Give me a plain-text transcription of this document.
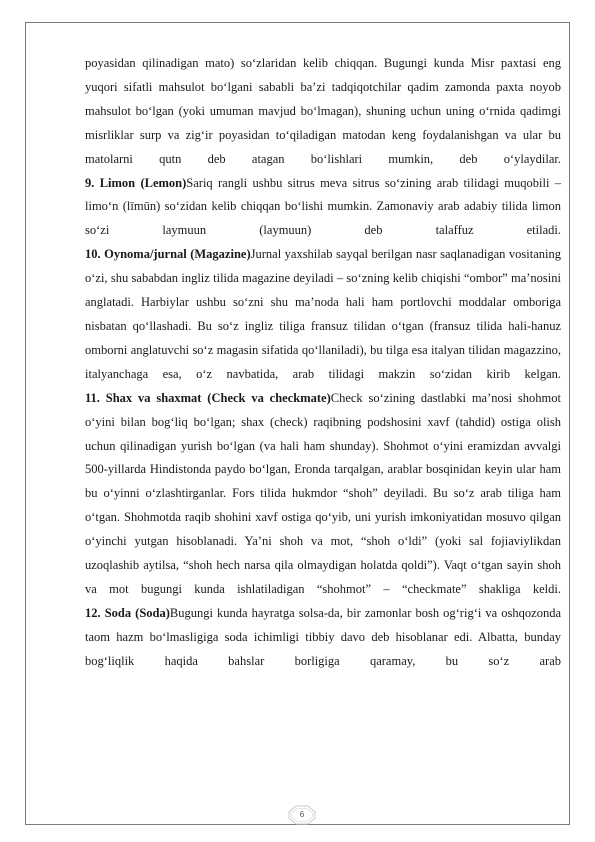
poyasidan qilinadigan mato) so‘zlaridan kelib chiqqan. Bugungi kunda Misr paxtasi eng yuqori sifatli mahsulot bo‘lgani sababli ba’zi tadqiqotchilar qadim zamonda paxta noyob mahsulot bo‘lgan (yoki umuman mavjud bo‘lmagan), shuning uchun uning o‘rnida qadimgi misrliklar surp va zig‘ir poyasidan to‘qiladigan matodan keng foydalanishgan va ular bu matolarni qutn deb atagan bo‘lishlari mumkin, deb o‘ylaydilar.

9. Limon (Lemon)Sariq rangli ushbu sitrus meva sitrus so‘zining arab tilidagi muqobili – limo‘n (līmūn) so‘zidan kelib chiqqan bo‘lishi mumkin. Zamonaviy arab adabiy tilida limon so‘zi laymuun (laymuun) deb talaffuz etiladi.

10. Oynoma/jurnal (Magazine)Jurnal yaxshilab sayqal berilgan nasr saqlanadigan vositaning o‘zi, shu sababdan ingliz tilida magazine deyiladi – so‘zning kelib chiqishi “ombor” ma’nosini anglatadi. Harbiylar ushbu so‘zni shu ma’noda hali ham portlovchi moddalar omboriga nisbatan qo‘llashadi. Bu so‘z ingliz tiliga fransuz tilidan o‘tgan (fransuz tilida hali-hanuz omborni anglatuvchi so‘z magasin sifatida qo‘llaniladi), bu tilga esa italyan tilidan magazzino, italyanchaga esa, o‘z navbatida, arab tilidagi makzin so‘zidan kirib kelgan.

11. Shax va shaxmat (Check va checkmate)Check so‘zining dastlabki ma’nosi shohmot o‘yini bilan bog‘liq bo‘lgan; shax (check) raqibning podshosini xavf (tahdid) ostiga olish uchun qilinadigan yurish bo‘lgan (va hali ham shunday). Shohmot o‘yini eramizdan avvalgi 500-yillarda Hindistonda paydo bo‘lgan, Eronda tarqalgan, arablar bosqinidan keyin ular ham bu o‘yinni o‘zlashtirganlar. Fors tilida hukmdor “shoh” deyiladi. Bu so‘z arab tiliga ham o‘tgan. Shohmotda raqib shohini xavf ostiga qo‘yib, uni yurish imkoniyatidan mosuvo qilgan o‘yinchi yutgan hisoblanadi. Ya’ni shoh va mot, “shoh o‘ldi” (yoki sal fojiaviylikdan uzoqlashib aytilsa, “shoh hech narsa qila olmaydigan holatda qoldi”). Vaqt o‘tgan sayin shoh va mot bugungi kunda ishlatiladigan “shohmot” – “checkmate” shakliga keldi.

12. Soda (Soda)Bugungi kunda hayratga solsa-da, bir zamonlar bosh og‘rig‘i va oshqozonda taom hazm bo‘lmasligiga soda ichimligi tibbiy davo deb hisoblanar edi. Albatta, bunday bog‘liqlik haqida bahslar borligiga qaramay, bu so‘z arab

6
